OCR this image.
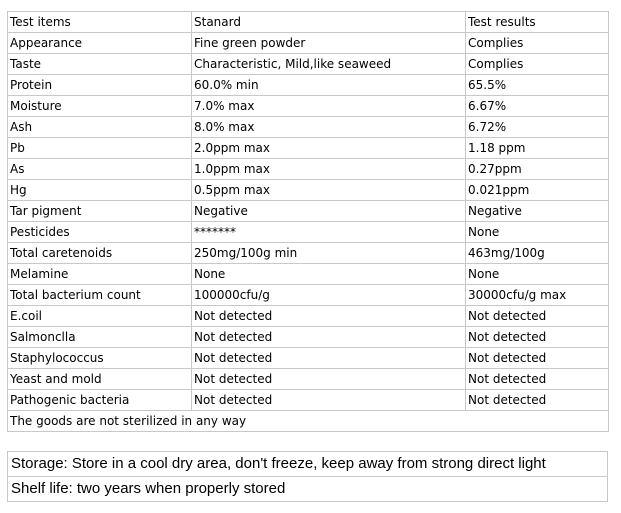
Test items	Stanard	Test results
Appearance	Fine green powder	Complies
Taste	Characteristic, Mild,like seaweed	Complies
Protein	60.0% min	65.5%
Moisture	7.0% max	6.67%
Ash	8.0% max	6.72%
Pb	2.0ppm max	1.18 ppm
As	1.0ppm max	0.27ppm
Hg	0.5ppm max	0.021ppm
Tar pigment	Negative	Negative
Pesticides	*******	None
Total caretenoids	250mg/100g min	463mg/100g
Melamine	None	None
Total bacterium count	100000cfu/g	30000cfu/g max
E.coil	Not detected	Not detected
Salmonclla	Not detected	Not detected
Staphylococcus	Not detected	Not detected
Yeast and mold	Not detected	Not detected
Pathogenic bacteria	Not detected	Not detected
The goods are not sterilized in any way		
Storage: Store in a cool dry area, don't freeze, keep away from strong direct light
Shelf life: two years when properly stored
